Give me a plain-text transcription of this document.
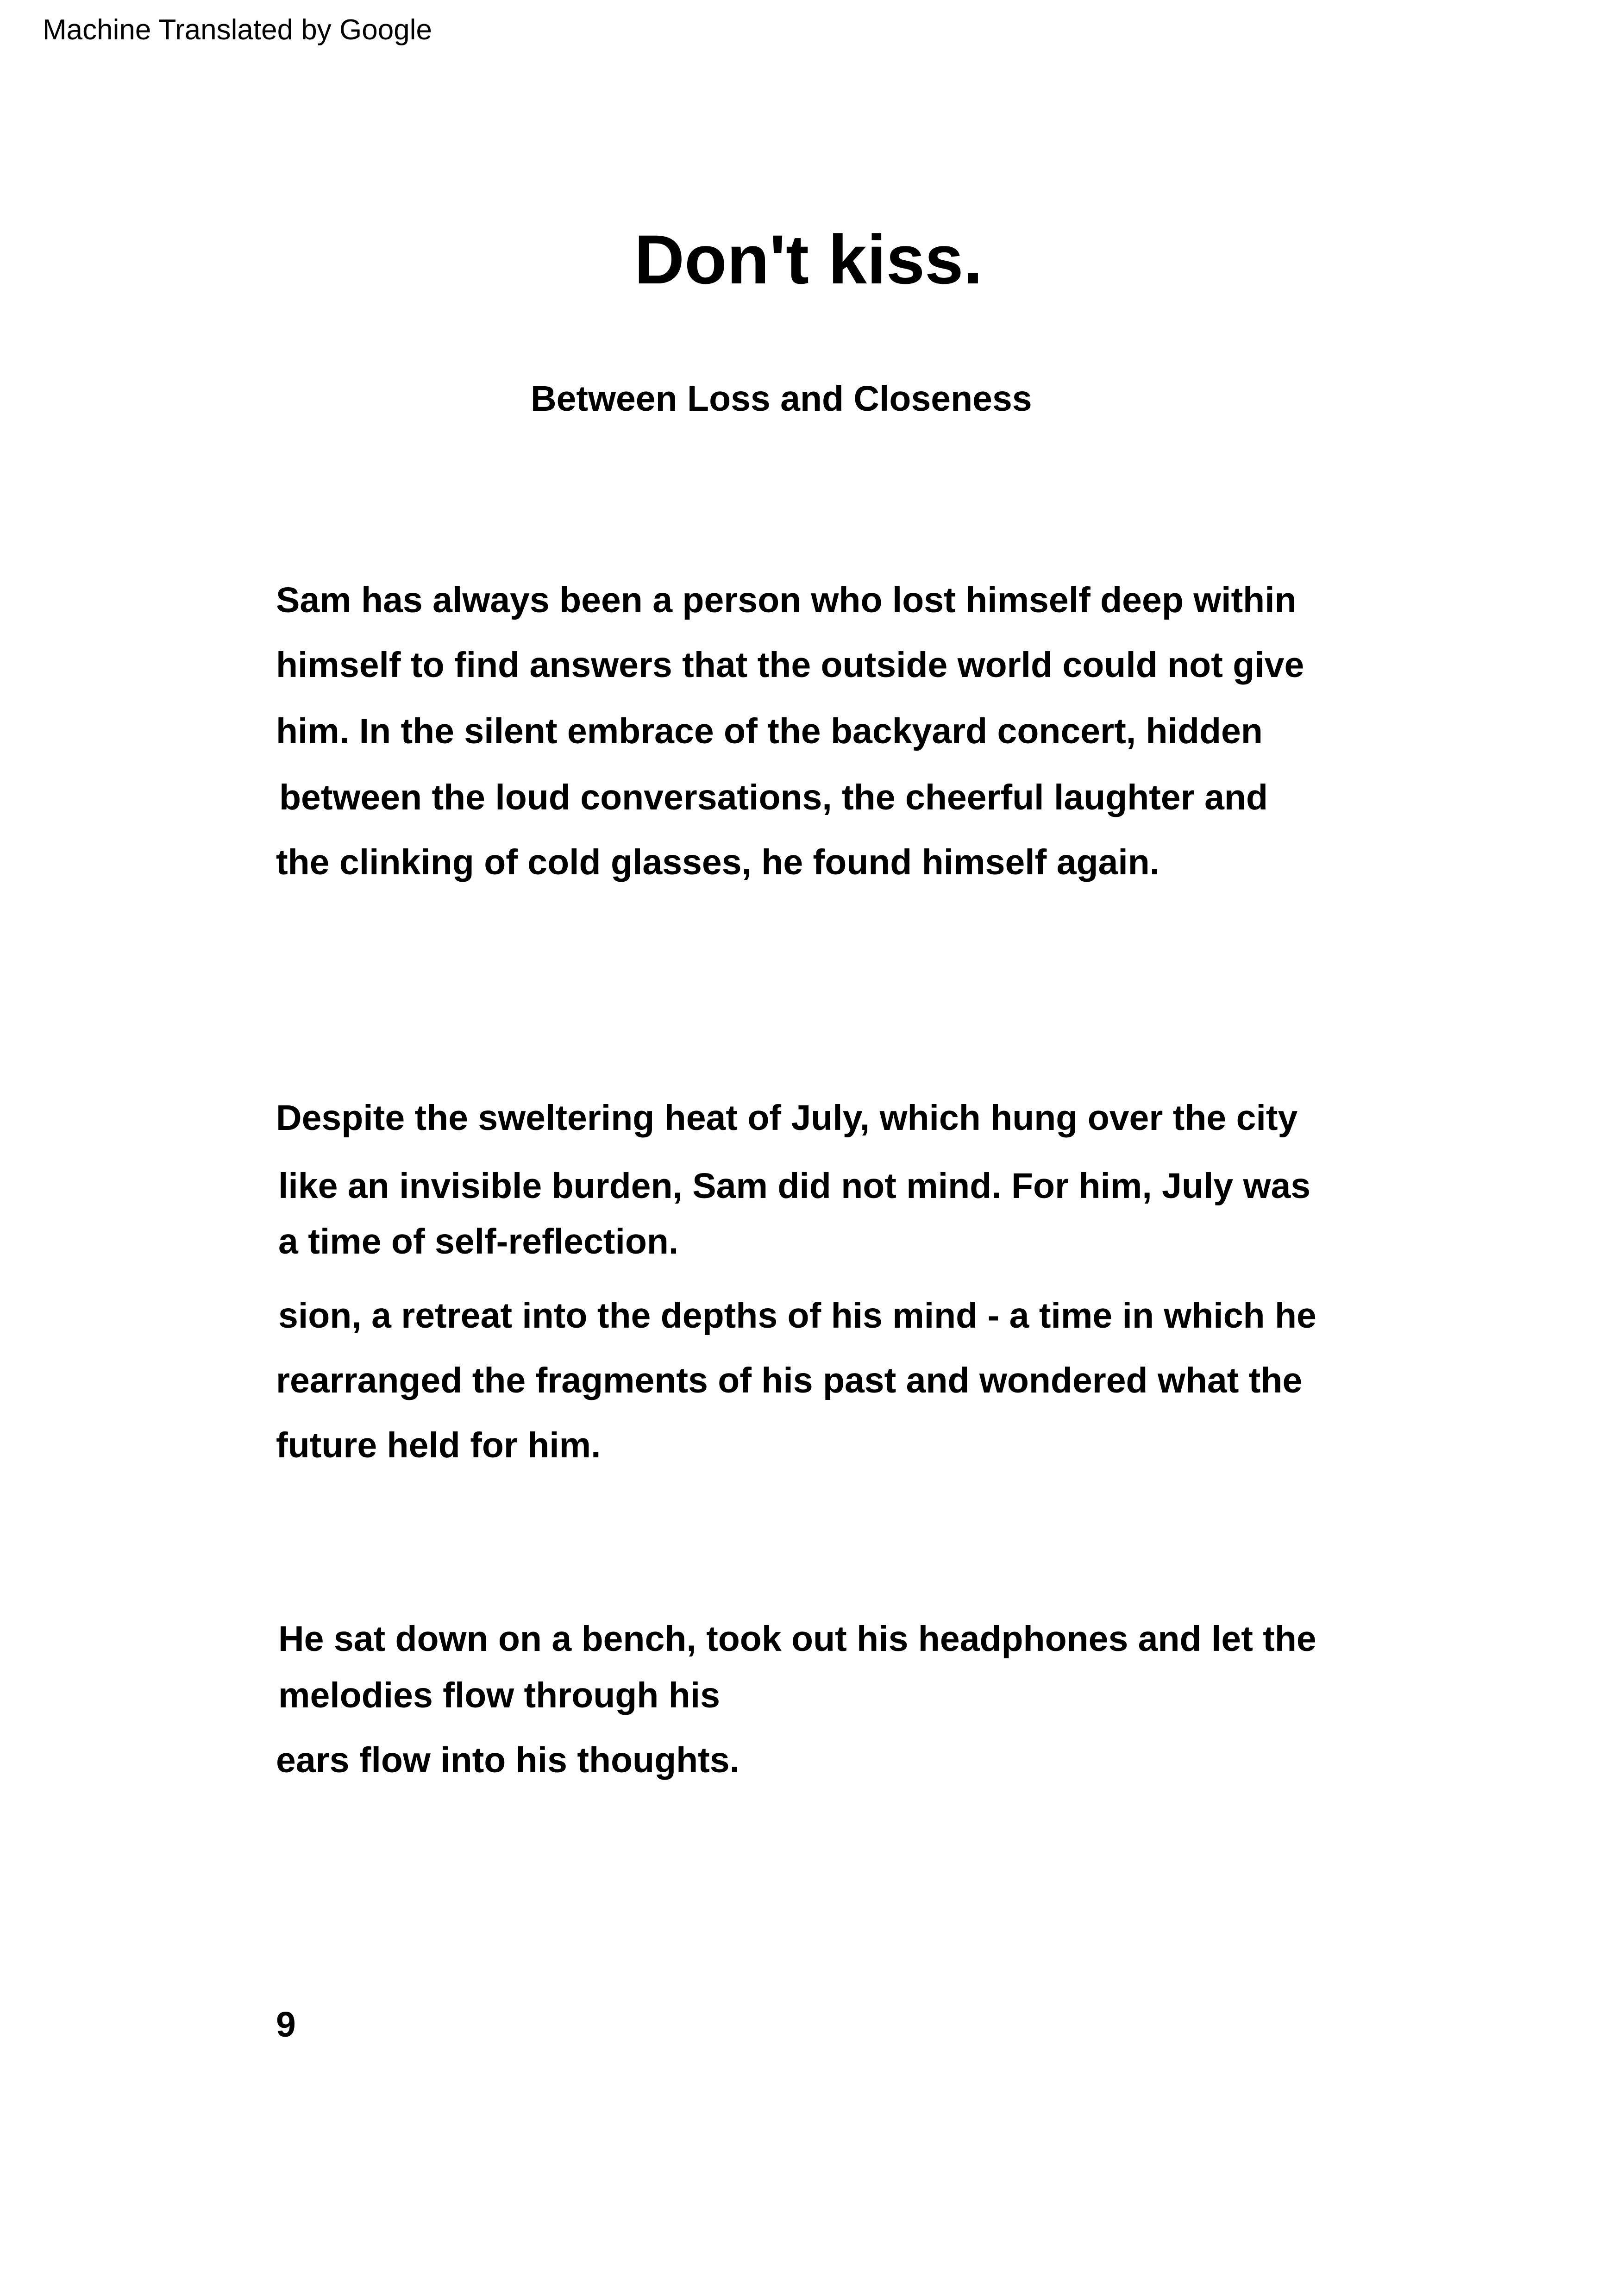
Machine Translated by Google
Don't kiss.
Between Loss and Closeness
Sam has always been a person who lost himself deep within
himself to find answers that the outside world could not give
him. In the silent embrace of the backyard concert, hidden
between the loud conversations, the cheerful laughter and
the clinking of cold glasses, he found himself again.
Despite the sweltering heat of July, which hung over the city
like an invisible burden, Sam did not mind. For him, July was
a time of self-reflection.
sion, a retreat into the depths of his mind - a time in which he
rearranged the fragments of his past and wondered what the
future held for him.
He sat down on a bench, took out his headphones and let the
melodies flow through his
ears flow into his thoughts.
9
